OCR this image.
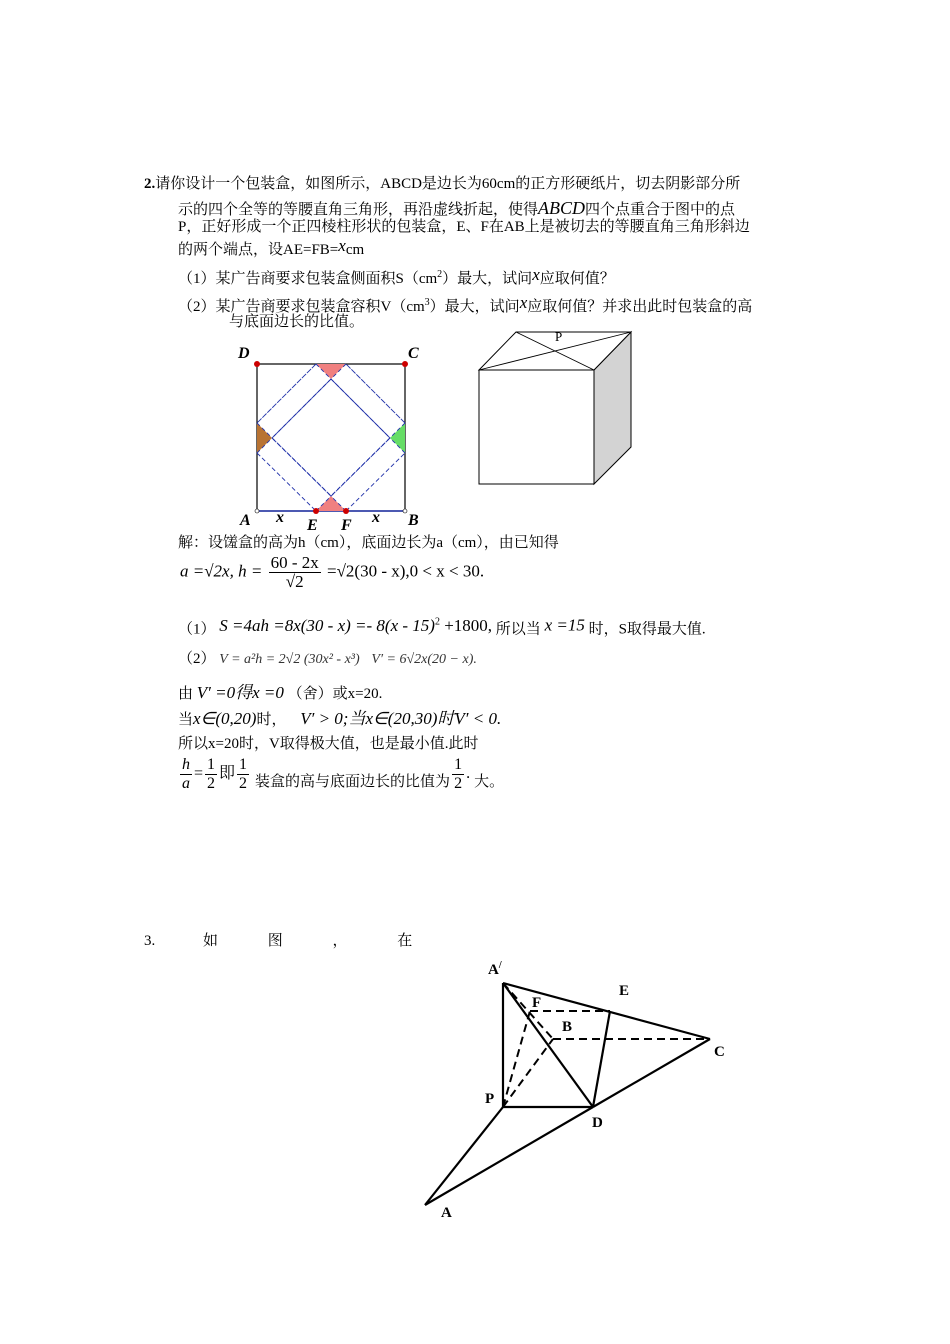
2.请你设计一个包装盒，如图所示，ABCD是边长为60cm的正方形硬纸片，切去阴影部分所
示的四个全等的等腰直角三角形，再沿虚线折起，使得ABCD四个点重合于图中的点
P，正好形成一个正四棱柱形状的包装盒，E、F在AB上是被切去的等腰直角三角形斜边
的两个端点，设AE=FB=xcm
（1）某广告商要求包装盒侧面积$S(cm^2)$最大，试问x应取何值？
（2）某广告商要求包装盒容积$V(cm^3)$最大，试问x应取何值？并求出此时包装盒的高
与底面边长的比值。
D	C
A x E F x B
P
解：设馐盒的高为h（cm），底面边长为a（cm），由已知得
a =√2x, $h = \frac{60 - 2x}{√2} =√2(30 - x),0 < x < 30$.
（1） S =4ah =8x(30 - x) =- 8(x - 15)$^2$ +1800, 所以当 x =15 时，S取得最大值.
（2） V = a²h = 2√2 (30x² - x³) V′ = 6√2x(20 − x).
由 V′ =0得x =0 （舍）或x=20.
当x∈(0,20)时， V′ > 0;当x∈(20,30)时V′ < 0.
所以x=20时，V取得极大值，也是最小值.此时
$\frac{h}{a} = \frac{1}{2}$ 即 $\frac{1}{2}$ 装盒的高与底面边长的比值为 $\frac{1}{2}$ . 大。
3.	如	图	，	在
A/
F
E
B
C
P
D
A
